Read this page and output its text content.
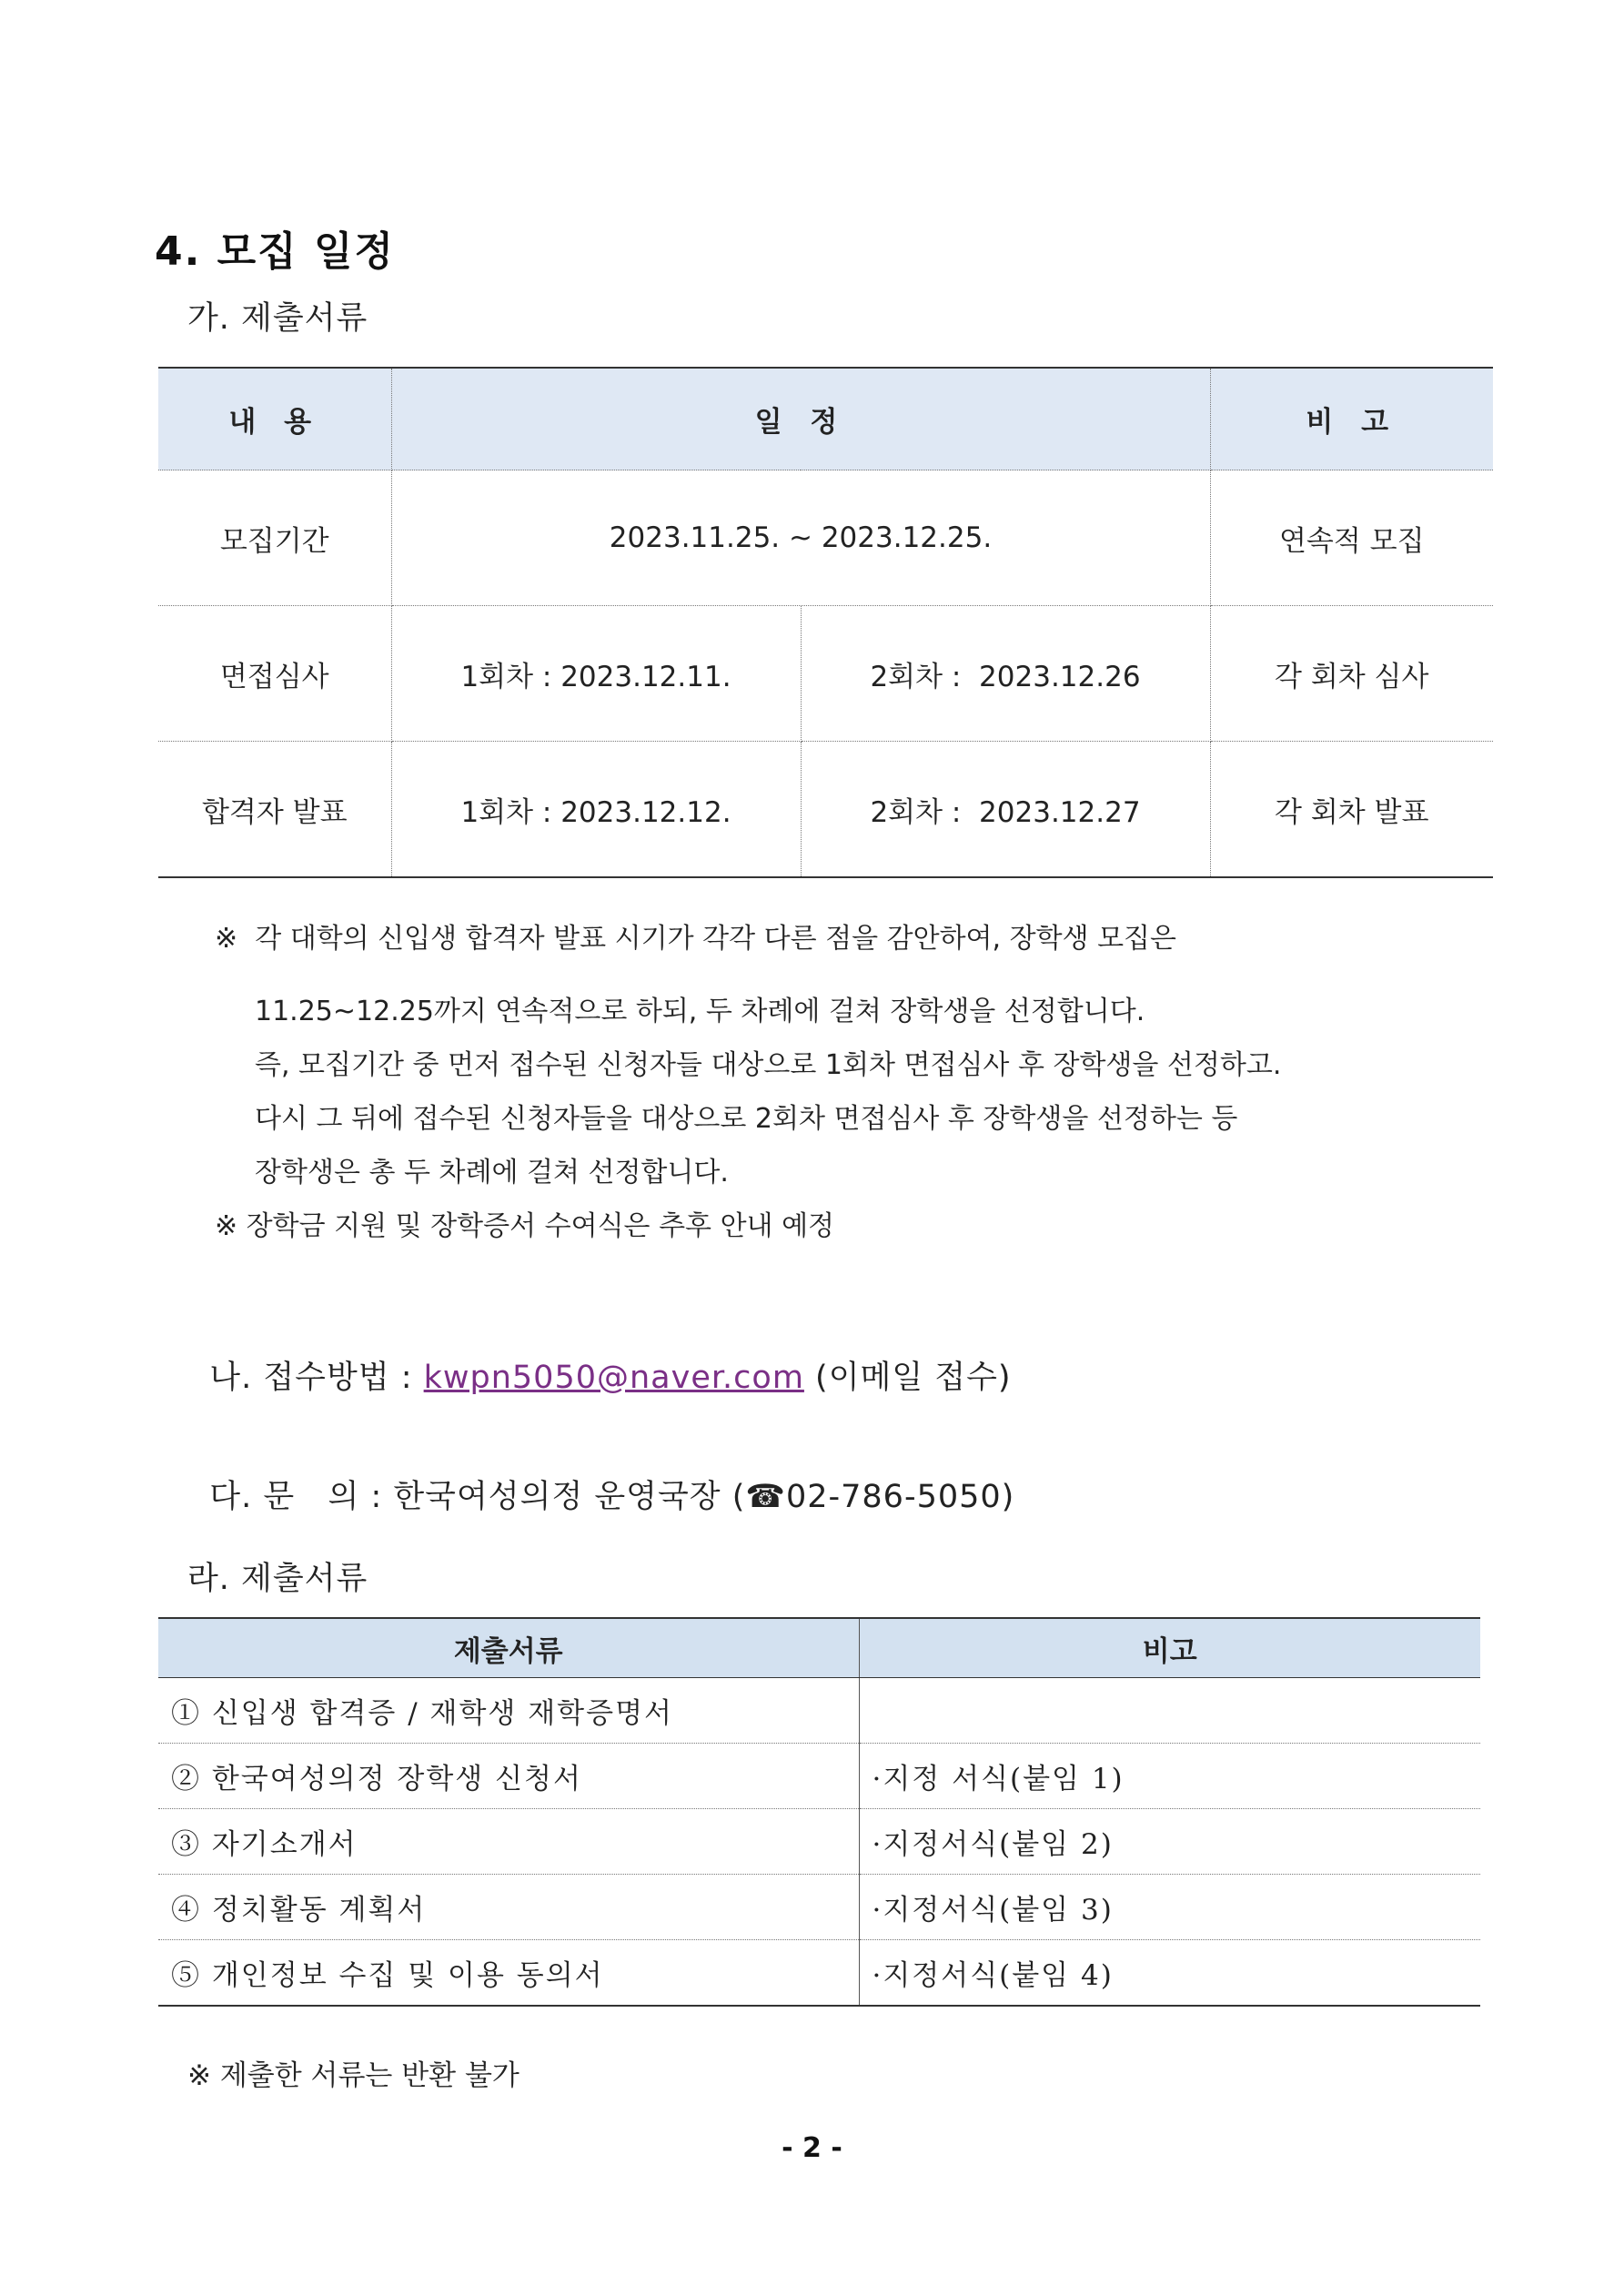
4. 모집 일정
가. 제출서류
내 용	일 정		비 고
모집기간	2023.11.25. ~ 2023.12.25.		연속적 모집
면접심사	1회차 : 2023.12.11.	2회차 :  2023.12.26	각 회차 심사
합격자 발표	1회차 : 2023.12.12.	2회차 :  2023.12.27	각 회차 발표
※  각 대학의 신입생 합격자 발표 시기가 각각 다른 점을 감안하여, 장학생 모집은
11.25~12.25까지 연속적으로 하되, 두 차례에 걸쳐 장학생을 선정합니다.
즉, 모집기간 중 먼저 접수된 신청자들 대상으로 1회차 면접심사 후 장학생을 선정하고.
다시 그 뒤에 접수된 신청자들을 대상으로 2회차 면접심사 후 장학생을 선정하는 등
장학생은 총 두 차례에 걸쳐 선정합니다.
※ 장학금 지원 및 장학증서 수여식은 추후 안내 예정

나. 접수방법 : kwpn5050@naver.com (이메일 접수)

다. 문   의 : 한국여성의정 운영국장 (☎02-786-5050)

라. 제출서류
제출서류	비고
① 신입생 합격증 / 재학생 재학증명서	
② 한국여성의정 장학생 신청서	·지정 서식(붙임 1)
③ 자기소개서	·지정서식(붙임 2)
④ 정치활동 계획서	·지정서식(붙임 3)
⑤ 개인정보 수집 및 이용 동의서	·지정서식(붙임 4)
※ 제출한 서류는 반환 불가
- 2 -
